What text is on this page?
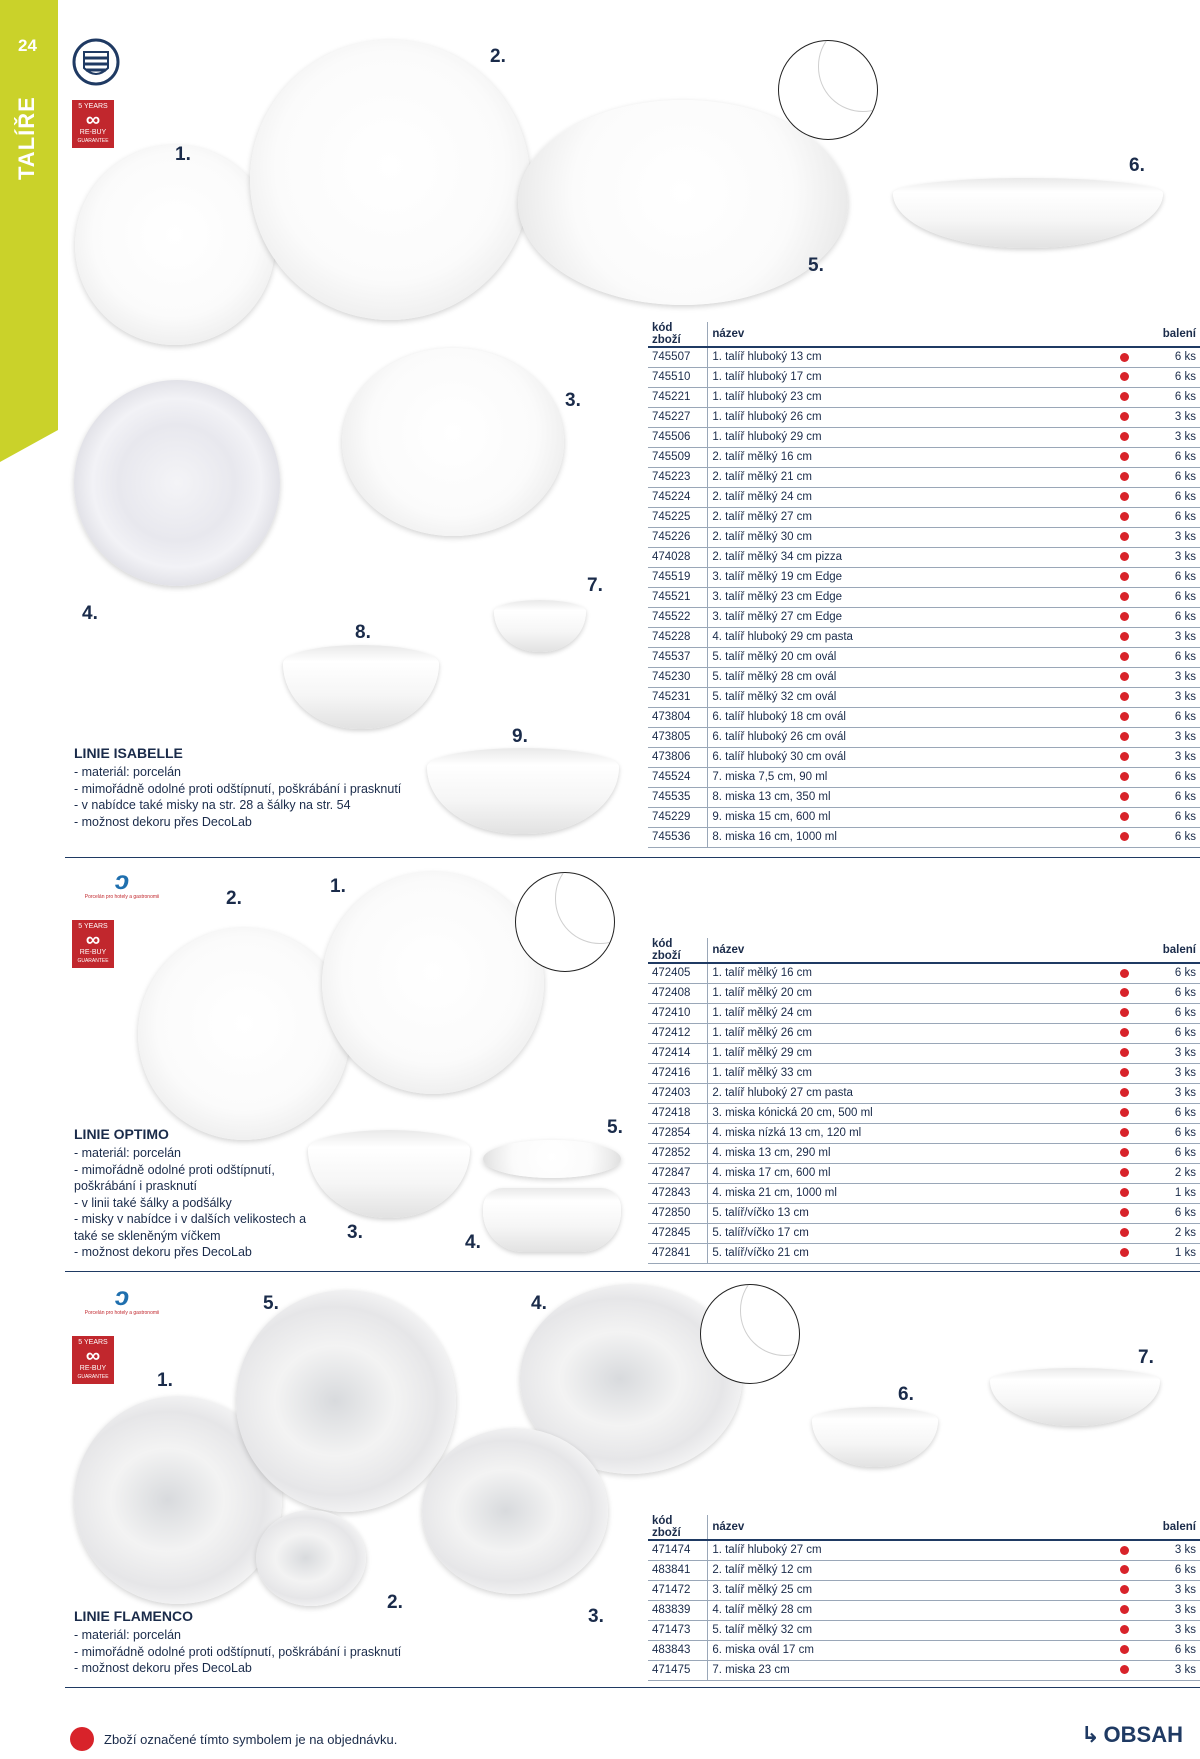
24
TALÍŘE	5 YEARS
∞
RE-BUY
GUARANTEE
1.
2.
3.
4.
5.
6.
7.
8.
9.
LINIE ISABELLE
- materiál: porcelán
- mimořádně odolné proti odštípnutí, poškrábání i prasknutí
- v nabídce také misky na str. 28 a šálky na str. 54
- možnost dekoru přes DecoLab
kód zboží	název		balení
745507	1. talíř hluboký 13 cm		6 ks
745510	1. talíř hluboký 17 cm		6 ks
745221	1. talíř hluboký 23 cm		6 ks
745227	1. talíř hluboký 26 cm		3 ks
745506	1. talíř hluboký 29 cm		3 ks
745509	2. talíř mělký 16 cm		6 ks
745223	2. talíř mělký 21 cm		6 ks
745224	2. talíř mělký 24 cm		6 ks
745225	2. talíř mělký 27 cm		6 ks
745226	2. talíř mělký 30 cm		3 ks
474028	2. talíř mělký 34 cm pizza		3 ks
745519	3. talíř mělký 19 cm Edge		6 ks
745521	3. talíř mělký 23 cm Edge		6 ks
745522	3. talíř mělký 27 cm Edge		6 ks
745228	4. talíř hluboký 29 cm pasta		3 ks
745537	5. talíř mělký 20 cm ovál		6 ks
745230	5. talíř mělký 28 cm ovál		3 ks
745231	5. talíř mělký 32 cm ovál		3 ks
473804	6. talíř hluboký 18 cm ovál		6 ks
473805	6. talíř hluboký 26 cm ovál		3 ks
473806	6. talíř hluboký 30 cm ovál		3 ks
745524	7. miska 7,5 cm, 90 ml		6 ks
745535	8. miska 13 cm, 350 ml		6 ks
745229	9. miska 15 cm, 600 ml		6 ks
745536	8. miska 16 cm, 1000 ml		6 ks
ↄ
Porcelán pro hotely a gastronomii
5 YEARS
∞
RE-BUY
GUARANTEE
1.
2.
3.	4.
5.
LINIE OPTIMO
- materiál: porcelán
- mimořádně odolné proti odštípnutí, poškrábání i prasknutí
- v linii také šálky a podšálky
- misky v nabídce i v dalších velikostech a také se skleněným víčkem
- možnost dekoru přes DecoLab
kód zboží	název		balení
472405	1. talíř mělký 16 cm		6 ks
472408	1. talíř mělký 20 cm		6 ks
472410	1. talíř mělký 24 cm		6 ks
472412	1. talíř mělký 26 cm		6 ks
472414	1. talíř mělký 29 cm		3 ks
472416	1. talíř mělký 33 cm		3 ks
472403	2. talíř hluboký 27 cm pasta		3 ks
472418	3. miska kónická 20 cm, 500 ml		6 ks
472854	4. miska nízká 13 cm, 120 ml		6 ks
472852	4. miska 13 cm, 290 ml		6 ks
472847	4. miska 17 cm, 600 ml		2 ks
472843	4. miska 21 cm, 1000 ml		1 ks
472850	5. talíř/víčko 13 cm		6 ks
472845	5. talíř/víčko 17 cm		2 ks
472841	5. talíř/víčko 21 cm		1 ks
ↄ
Porcelán pro hotely a gastronomii
5 YEARS
∞
RE-BUY
GUARANTEE	1.
2.
3.
4.
5.
6.
7.
LINIE FLAMENCO
- materiál: porcelán
- mimořádně odolné proti odštípnutí, poškrábání i prasknutí
- možnost dekoru přes DecoLab
kód zboží	název		balení
471474	1. talíř hluboký 27 cm		3 ks
483841	2. talíř mělký 12 cm		6 ks
471472	3. talíř mělký 25 cm		3 ks
483839	4. talíř mělký 28 cm		3 ks
471473	5. talíř mělký 32 cm		3 ks
483843	6. miska ovál 17 cm		6 ks
471475	7. miska 23 cm		3 ks
Zboží označené tímto symbolem je na objednávku.	↳ OBSAH
